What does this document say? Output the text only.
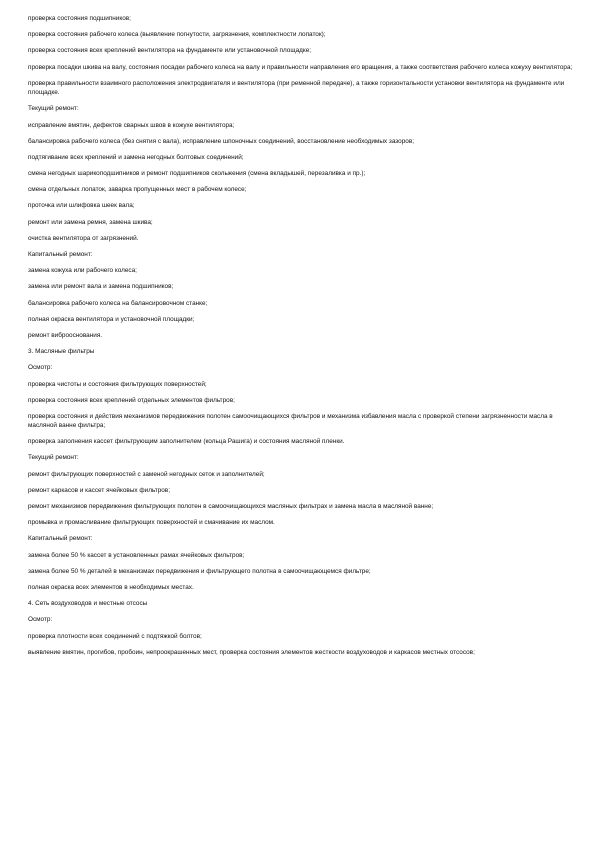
проверка состояния подшипников;
проверка состояния рабочего колеса (выявление погнутости, загрязнения, комплектности лопаток);
проверка состояния всех креплений вентилятора на фундаменте или установочной площадке;
проверка посадки шкива на валу, состояния посадки рабочего колеса на валу и правильности направления его вращения, а также соответствия рабочего колеса кожуху вентилятора;
проверка правильности взаимного расположения электродвигателя и вентилятора (при ременной передаче), а также горизонтальности установки вентилятора на фундаменте или площадке.
Текущий ремонт:
исправление вмятин, дефектов сварных швов в кожухе вентилятора;
балансировка рабочего колеса (без снятия с вала), исправление шпоночных соединений, восстановление необходимых зазоров;
подтягивание всех креплений и замена негодных болтовых соединений;
смена негодных шарикоподшипников и ремонт подшипников скольжения (смена вкладышей, перезаливка и пр.);
смена отдельных лопаток, заварка пропущенных мест в рабочем колесе;
проточка или шлифовка шеек вала;
ремонт или замена ремня, замена шкива;
очистка вентилятора от загрязнений.
Капитальный ремонт:
замена кожуха или рабочего колеса;
замена или ремонт вала и замена подшипников;
балансировка рабочего колеса на балансировочном станке;
полная окраска вентилятора и установочной площадки;
ремонт виброоснования.
3. Масляные фильтры
Осмотр:
проверка чистоты и состояния фильтрующих поверхностей;
проверка состояния всех креплений отдельных элементов фильтров;
проверка состояния и действия механизмов передвижения полотен самоочищающихся фильтров и механизма избавления масла с проверкой степени загрязненности масла в масляной ванне фильтра;
проверка заполнения кассет фильтрующим заполнителем (кольца Рашига) и состояния масляной пленки.
Текущий ремонт:
ремонт фильтрующих поверхностей с заменой негодных сеток и заполнителей;
ремонт каркасов и кассет ячейковых фильтров;
ремонт механизмов передвижения фильтрующих полотен в самоочищающихся масляных фильтрах и замена масла в масляной ванне;
промывка и промасливание фильтрующих поверхностей и смачивание их маслом.
Капитальный ремонт:
замена более 50 % кассет в установленных рамах ячейковых фильтров;
замена более 50 % деталей в механизмах передвижения и фильтрующего полотна в самоочищающемся фильтре;
полная окраска всех элементов в необходимых местах.
4. Сеть воздуховодов и местные отсосы
Осмотр:
проверка плотности всех соединений с подтяжкой болтов;
выявление вмятин, прогибов, пробоин, непроокрашенных мест, проверка состояния элементов жесткости воздуховодов и каркасов местных отсосов;
